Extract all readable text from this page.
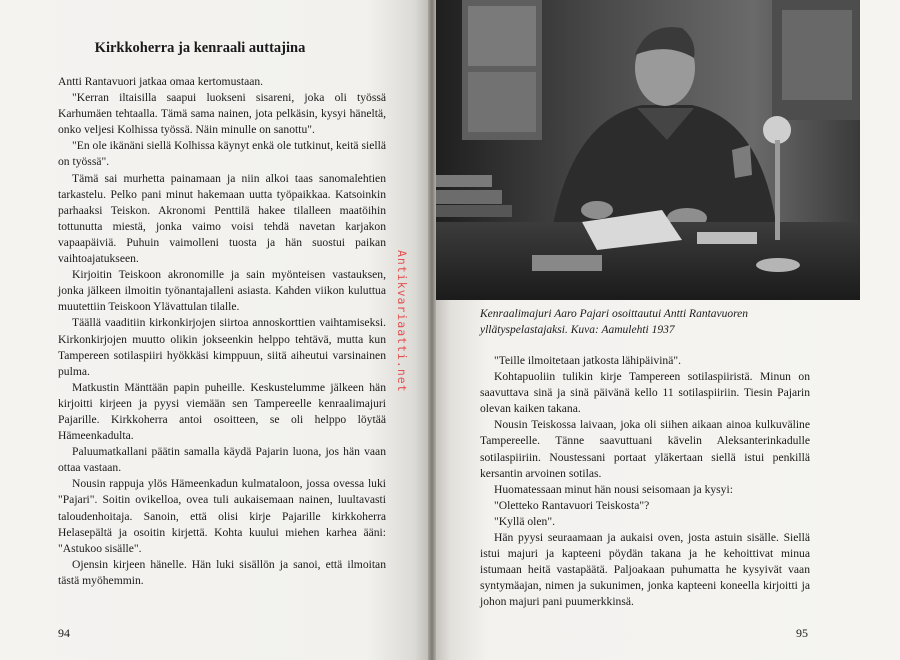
Kirkkoherra ja kenraali auttajina

Antti Rantavuori jatkaa omaa kertomustaan.

"Kerran iltaisilla saapui luokseni sisareni, joka oli työssä Karhumäen tehtaalla. Tämä sama nainen, jota pelkäsin, kysyi häneltä, onko veljesi Kolhissa työssä. Näin minulle on sanottu".

"En ole ikänäni siellä Kolhissa käynyt enkä ole tutkinut, keitä siellä on työssä".

Tämä sai murhetta painamaan ja niin alkoi taas sanomalehtien tarkastelu. Pelko pani minut hakemaan uutta työpaikkaa. Katsoinkin parhaaksi Teiskon. Akronomi Penttilä hakee tilalleen maatöihin tottunutta miestä, jonka vaimo voisi tehdä navetan karjakon vapaapäiviä. Puhuin vaimolleni tuosta ja hän suostui paikan vaihtoajatukseen.

Kirjoitin Teiskoon akronomille ja sain myönteisen vastauksen, jonka jälkeen ilmoitin työnantajalleni asiasta. Kahden viikon kuluttua muutettiin Teiskoon Ylävattulan tilalle.

Täällä vaaditiin kirkonkirjojen siirtoa annoskorttien vaihtamiseksi. Kirkonkirjojen muutto olikin jokseenkin helppo tehtävä, mutta kun Tampereen sotilaspiiri hyökkäsi kimppuun, siitä aiheutui varsinainen pulma.

Matkustin Mänttään papin puheille. Keskustelumme jälkeen hän kirjoitti kirjeen ja pyysi viemään sen Tampereelle kenraalimajuri Pajarille. Kirkkoherra antoi osoitteen, se oli helppo löytää Hämeenkadulta.

Paluumatkallani päätin samalla käydä Pajarin luona, jos hän vaan ottaa vastaan.

Nousin rappuja ylös Hämeenkadun kulmataloon, jossa ovessa luki "Pajari". Soitin ovikelloa, ovea tuli aukaisemaan nainen, luultavasti taloudenhoitaja. Sanoin, että olisi kirje Pajarille kirkkoherra Helasepältä ja osoitin kirjettä. Kohta kuului miehen karhea ääni: "Astukoo sisälle".

Ojensin kirjeen hänelle. Hän luki sisällön ja sanoi, että ilmoitan tästä myöhemmin.

94
Kenraalimajuri Aaro Pajari osoittautui Antti Rantavuoren yllätyspelastajaksi. Kuva: Aamulehti 1937

"Teille ilmoitetaan jatkosta lähipäivinä".

Kohtapuoliin tulikin kirje Tampereen sotilaspiiristä. Minun on saavuttava sinä ja sinä päivänä kello 11 sotilaspiiriin. Tiesin Pajarin olevan kaiken takana.

Nousin Teiskossa laivaan, joka oli siihen aikaan ainoa kulkuväline Tampereelle. Tänne saavuttuani kävelin Aleksanterinkadulle sotilaspiiriin. Noustessani portaat yläkertaan siellä istui penkillä kersantin arvoinen sotilas.

Huomatessaan minut hän nousi seisomaan ja kysyi:

"Oletteko Rantavuori Teiskosta"?

"Kyllä olen".

Hän pyysi seuraamaan ja aukaisi oven, josta astuin sisälle. Siellä istui majuri ja kapteeni pöydän takana ja he kehoittivat minua istumaan heitä vastapäätä. Paljoakaan puhumatta he kysyivät vaan syntymäajan, nimen ja sukunimen, jonka kapteeni koneella kirjoitti ja johon majuri pani puumerkkinsä.

95
Antikvariaatti.net
